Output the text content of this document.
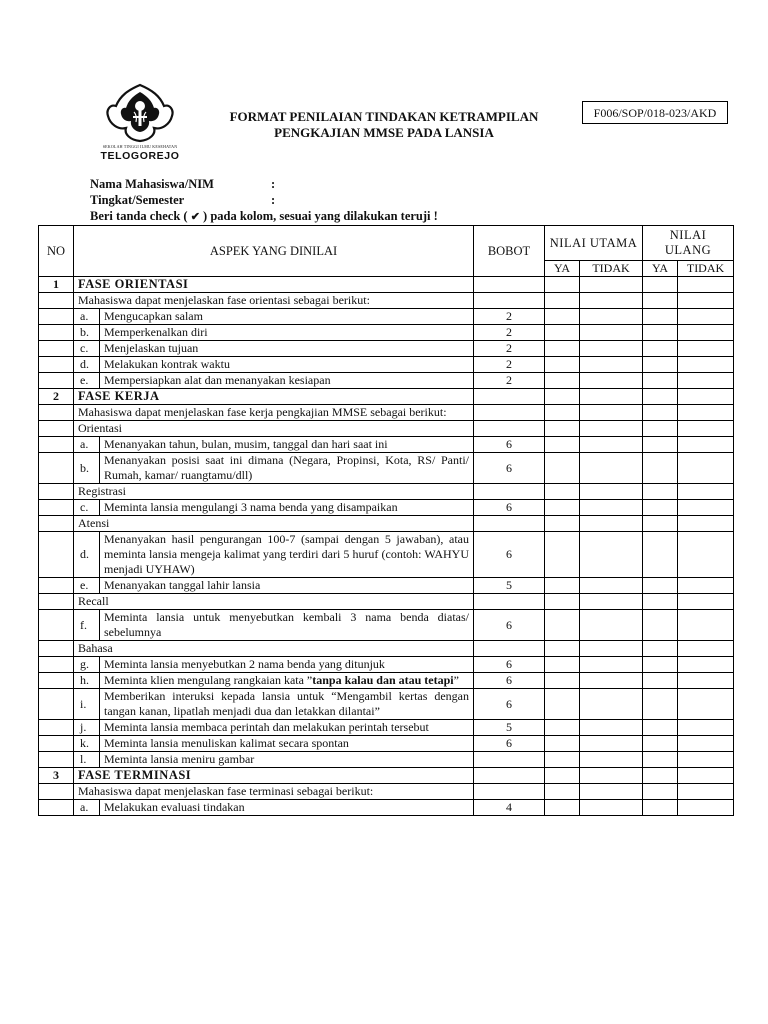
SEKOLAH TINGGI ILMU KESEHATAN
TELOGOREJO
FORMAT PENILAIAN TINDAKAN KETRAMPILAN
PENGKAJIAN MMSE PADA LANSIA
F006/SOP/018-023/AKD
Nama Mahasiswa/NIM	:
Tingkat/Semester	:
Beri tanda check ( ✔ ) pada kolom, sesuai yang dilakukan teruji !
NO	ASPEK YANG DINILAI		BOBOT	NILAI UTAMA		NILAI ULANG	
				YA	TIDAK	YA	TIDAK
1	FASE ORIENTASI						
	Mahasiswa dapat menjelaskan fase orientasi sebagai berikut:						
	a.	Mengucapkan salam	2				
	b.	Memperkenalkan diri	2				
	c.	Menjelaskan tujuan	2				
	d.	Melakukan kontrak waktu	2				
	e.	Mempersiapkan alat dan menanyakan kesiapan	2				
2	FASE KERJA						
	Mahasiswa dapat menjelaskan fase kerja pengkajian MMSE sebagai berikut:						
	Orientasi						
	a.	Menanyakan tahun, bulan, musim, tanggal dan hari saat ini	6				
	b.	Menanyakan posisi saat ini dimana (Negara, Propinsi, Kota, RS/ Panti/ Rumah, kamar/ ruangtamu/dll)	6				
	Registrasi						
	c.	Meminta lansia mengulangi 3 nama benda yang disampaikan	6				
	Atensi						
	d.	Menanyakan hasil pengurangan 100-7 (sampai dengan 5 jawaban), atau meminta lansia mengeja kalimat yang terdiri dari 5 huruf (contoh: WAHYU menjadi UYHAW)	6				
	e.	Menanyakan tanggal lahir lansia	5				
	Recall						
	f.	Meminta lansia untuk menyebutkan kembali 3 nama benda diatas/ sebelumnya	6				
	Bahasa						
	g.	Meminta lansia menyebutkan 2 nama benda yang ditunjuk	6				
	h.	Meminta klien mengulang rangkaian kata ”tanpa kalau dan atau tetapi”	6				
	i.	Memberikan interuksi kepada lansia untuk “Mengambil kertas dengan tangan kanan, lipatlah menjadi dua dan letakkan dilantai”	6				
	j.	Meminta lansia membaca perintah dan melakukan perintah tersebut	5				
	k.	Meminta lansia menuliskan kalimat secara spontan	6				
	l.	Meminta lansia meniru gambar					
3	FASE TERMINASI						
	Mahasiswa dapat menjelaskan fase terminasi sebagai berikut:						
	a.	Melakukan evaluasi tindakan	4				
